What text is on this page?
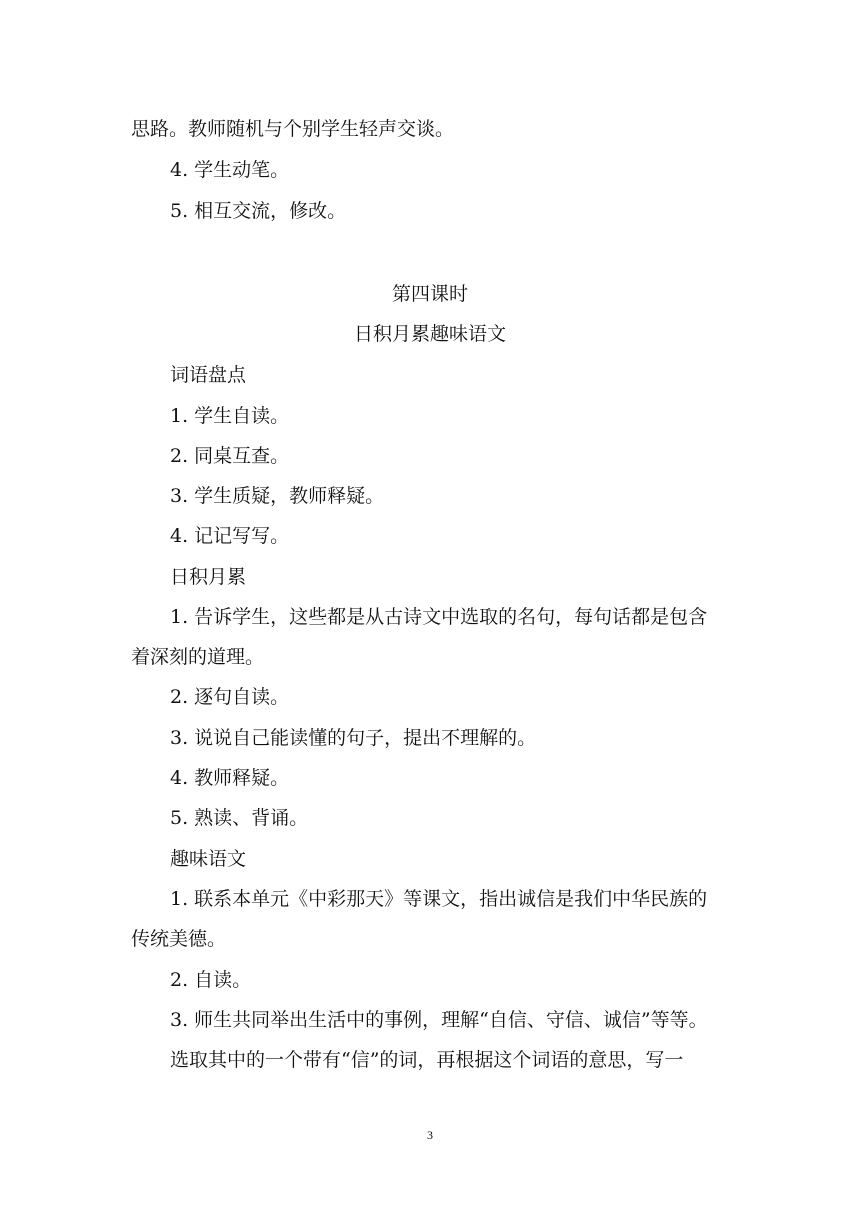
思路。教师随机与个别学生轻声交谈。
4. 学生动笔。
5. 相互交流，修改。
第四课时
日积月累趣味语文
词语盘点
1. 学生自读。
2. 同桌互查。
3. 学生质疑，教师释疑。
4. 记记写写。
日积月累
1. 告诉学生，这些都是从古诗文中选取的名句，每句话都是包含
着深刻的道理。
2. 逐句自读。
3. 说说自己能读懂的句子，提出不理解的。
4. 教师释疑。
5. 熟读、背诵。
趣味语文
1. 联系本单元《中彩那天》等课文，指出诚信是我们中华民族的
传统美德。
2. 自读。
3. 师生共同举出生活中的事例，理解“自信、守信、诚信”等等。
选取其中的一个带有“信”的词，再根据这个词语的意思，写一
3
